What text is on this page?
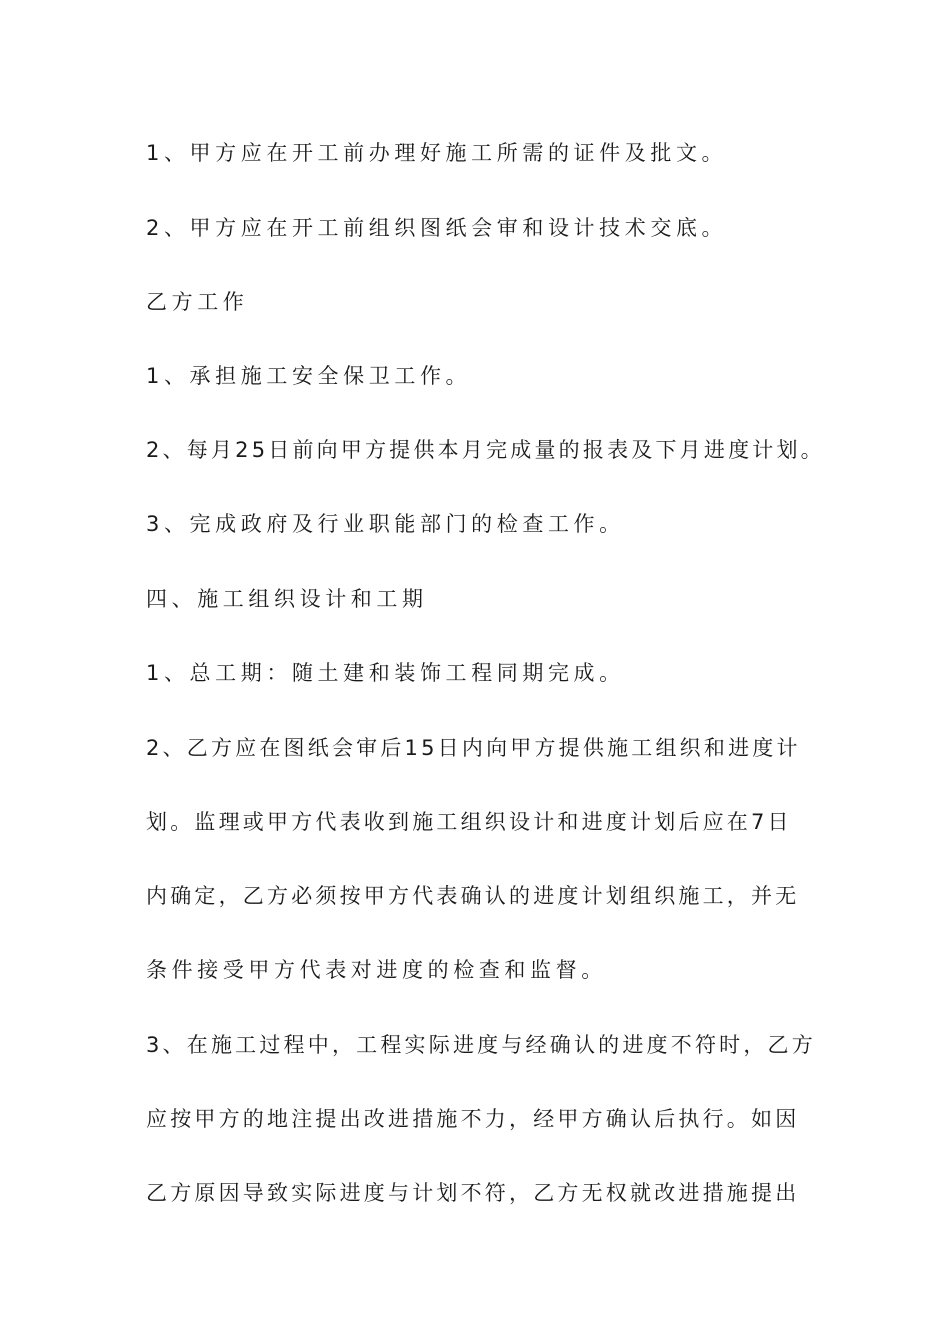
1、甲方应在开工前办理好施工所需的证件及批文。
2、甲方应在开工前组织图纸会审和设计技术交底。
乙方工作
1、承担施工安全保卫工作。
2、每月25日前向甲方提供本月完成量的报表及下月进度计划。
3、完成政府及行业职能部门的检查工作。
四、施工组织设计和工期
1、总工期：随土建和装饰工程同期完成。
2、乙方应在图纸会审后15日内向甲方提供施工组织和进度计
划。监理或甲方代表收到施工组织设计和进度计划后应在7日
内确定，乙方必须按甲方代表确认的进度计划组织施工，并无
条件接受甲方代表对进度的检查和监督。
3、在施工过程中，工程实际进度与经确认的进度不符时，乙方
应按甲方的地注提出改进措施不力，经甲方确认后执行。如因
乙方原因导致实际进度与计划不符，乙方无权就改进措施提出
